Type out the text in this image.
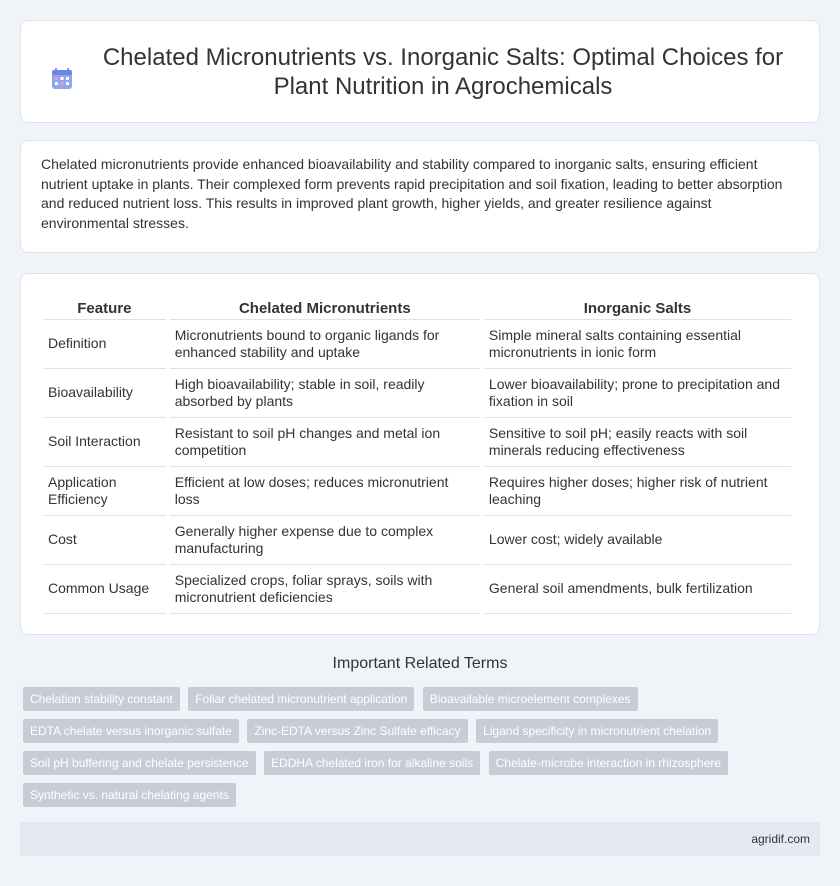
Chelated Micronutrients vs. Inorganic Salts: Optimal Choices for Plant Nutrition in Agrochemicals

Chelated micronutrients provide enhanced bioavailability and stability compared to inorganic salts, ensuring efficient nutrient uptake in plants. Their complexed form prevents rapid precipitation and soil fixation, leading to better absorption and reduced nutrient loss. This results in improved plant growth, higher yields, and greater resilience against environmental stresses.

Feature	Chelated Micronutrients	Inorganic Salts
Definition	Micronutrients bound to organic ligands for enhanced stability and uptake	Simple mineral salts containing essential micronutrients in ionic form
Bioavailability	High bioavailability; stable in soil, readily absorbed by plants	Lower bioavailability; prone to precipitation and fixation in soil
Soil Interaction	Resistant to soil pH changes and metal ion competition	Sensitive to soil pH; easily reacts with soil minerals reducing effectiveness
Application Efficiency	Efficient at low doses; reduces micronutrient loss	Requires higher doses; higher risk of nutrient leaching
Cost	Generally higher expense due to complex manufacturing	Lower cost; widely available
Common Usage	Specialized crops, foliar sprays, soils with micronutrient deficiencies	General soil amendments, bulk fertilization
Important Related Terms
Chelation stability constant Foliar chelated micronutrient application Bioavailable microelement complexes EDTA chelate versus inorganic sulfate Zinc-EDTA versus Zinc Sulfate efficacy Ligand specificity in micronutrient chelation Soil pH buffering and chelate persistence EDDHA chelated iron for alkaline soils Chelate-microbe interaction in rhizosphere Synthetic vs. natural chelating agents
agridif.com
